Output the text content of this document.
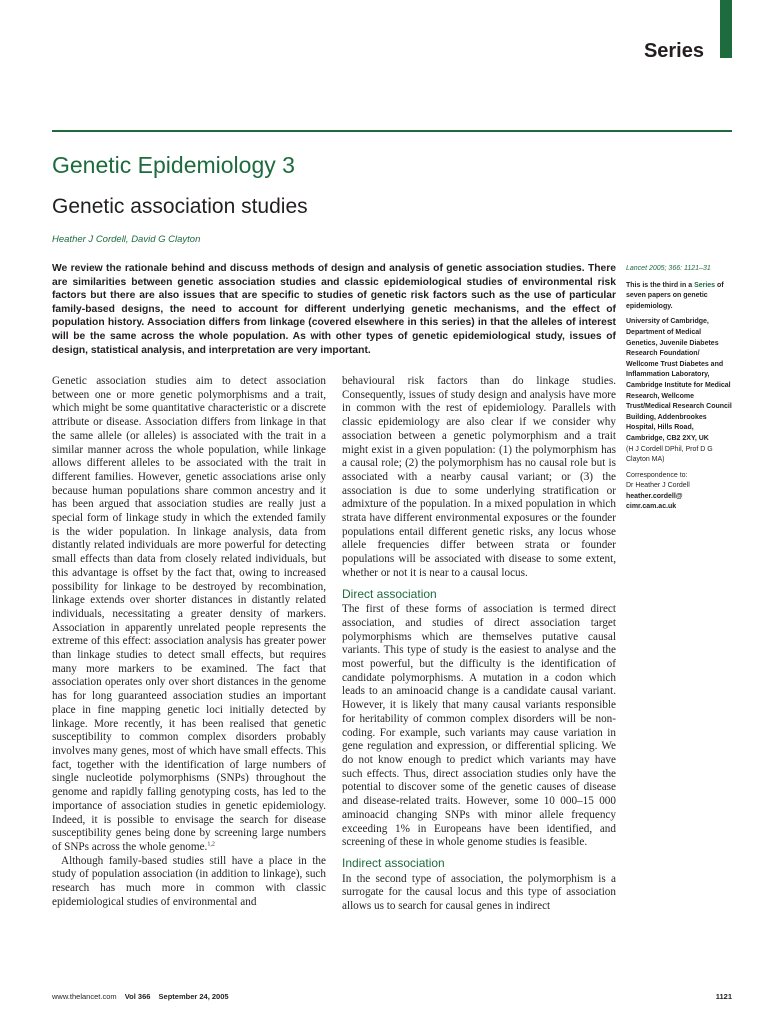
Series
Genetic Epidemiology 3
Genetic association studies
Heather J Cordell, David G Clayton

We review the rationale behind and discuss methods of design and analysis of genetic association studies. There are similarities between genetic association studies and classic epidemiological studies of environmental risk factors but there are also issues that are specific to studies of genetic risk factors such as the use of particular family-based designs, the need to account for different underlying genetic mechanisms, and the effect of population history. Association differs from linkage (covered elsewhere in this series) in that the alleles of interest will be the same across the whole population. As with other types of genetic epidemiological study, issues of design, statistical analysis, and interpretation are very important.

Genetic association studies aim to detect association between one or more genetic polymorphisms and a trait, which might be some quantitative characteristic or a discrete attribute or disease. Association differs from linkage in that the same allele (or alleles) is associated with the trait in a similar manner across the whole population, while linkage allows different alleles to be associated with the trait in different families. However, genetic associations arise only because human populations share common ancestry and it has been argued that association studies are really just a special form of linkage study in which the extended family is the wider population. In linkage analysis, data from distantly related individuals are more powerful for detecting small effects than data from closely related individuals, but this advantage is offset by the fact that, owing to increased possibility for linkage to be destroyed by recombination, linkage extends over shorter distances in distantly related individuals, necessitating a greater density of markers. Association in apparently unrelated people represents the extreme of this effect: association analysis has greater power than linkage studies to detect small effects, but requires many more markers to be examined. The fact that association operates only over short distances in the genome has for long guaranteed association studies an important place in fine mapping genetic loci initially detected by linkage. More recently, it has been realised that genetic susceptibility to common complex disorders probably involves many genes, most of which have small effects. This fact, together with the identification of large numbers of single nucleotide polymorphisms (SNPs) throughout the genome and rapidly falling genotyping costs, has led to the importance of association studies in genetic epidemiology. Indeed, it is possible to envisage the search for disease susceptibility genes being done by screening large numbers of SNPs across the whole genome.$^{1,2}$

Although family-based studies still have a place in the study of population association (in addition to linkage), such research has much more in common with classic epidemiological studies of environmental and

behavioural risk factors than do linkage studies. Consequently, issues of study design and analysis have more in common with the rest of epidemiology. Parallels with classic epidemiology are also clear if we consider why association between a genetic polymorphism and a trait might exist in a given population: (1) the polymorphism has a causal role; (2) the polymorphism has no causal role but is associated with a nearby causal variant; or (3) the association is due to some underlying stratification or admixture of the population. In a mixed population in which strata have different environmental exposures or the founder populations entail different genetic risks, any locus whose allele frequencies differ between strata or founder populations will be associated with disease to some extent, whether or not it is near to a causal locus.

Direct association

The first of these forms of association is termed direct association, and studies of direct association target polymorphisms which are themselves putative causal variants. This type of study is the easiest to analyse and the most powerful, but the difficulty is the identification of candidate polymorphisms. A mutation in a codon which leads to an aminoacid change is a candidate causal variant. However, it is likely that many causal variants responsible for heritability of common complex disorders will be non-coding. For example, such variants may cause variation in gene regulation and expression, or differential splicing. We do not know enough to predict which variants may have such effects. Thus, direct association studies only have the potential to discover some of the genetic causes of disease and disease-related traits. However, some 10 000–15 000 aminoacid changing SNPs with minor allele frequency exceeding 1% in Europeans have been identified, and screening of these in whole genome studies is feasible.

Indirect association

In the second type of association, the polymorphism is a surrogate for the causal locus and this type of association allows us to search for causal genes in indirect

Lancet 2005; 366: 1121–31

This is the third in a Series of seven papers on genetic epidemiology.

University of Cambridge, Department of Medical Genetics, Juvenile Diabetes Research Foundation/ Wellcome Trust Diabetes and Inflammation Laboratory, Cambridge Institute for Medical Research, Wellcome Trust/Medical Research Council Building, Addenbrookes Hospital, Hills Road, Cambridge, CB2 2XY, UK
(H J Cordell DPhil, Prof D G Clayton MA)

Correspondence to:
Dr Heather J Cordell
heather.cordell@ cimr.cam.ac.uk

www.thelancet.com Vol 366 September 24, 2005	1121
